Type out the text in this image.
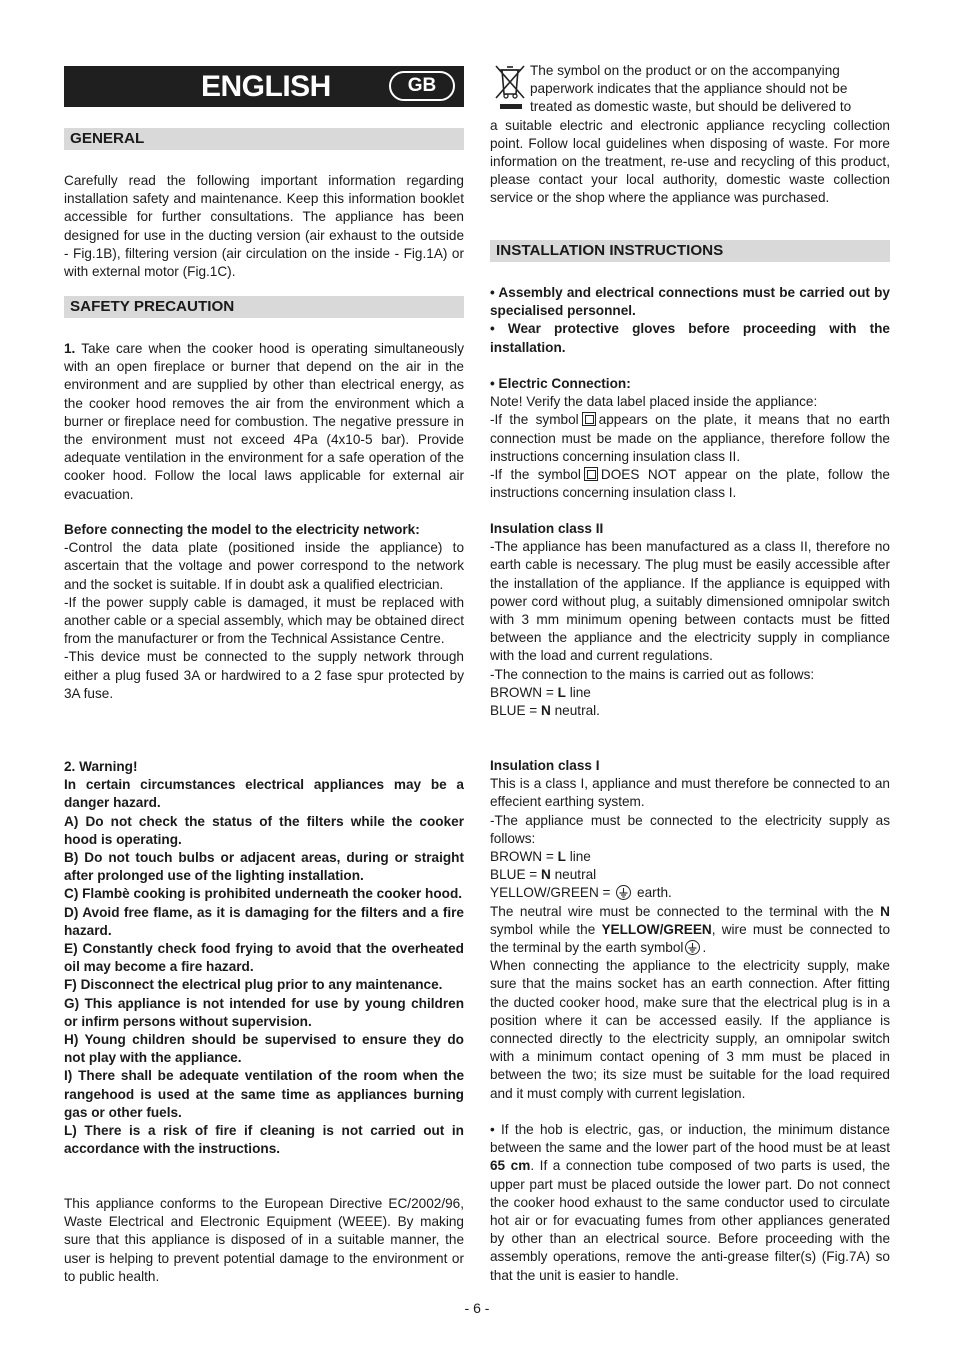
ENGLISH	GB
GENERAL
Carefully read the following important information regarding installation safety and maintenance. Keep this information booklet accessible for further consultations. The appliance has been designed for use in the ducting version (air exhaust to the outside - Fig.1B), filtering version (air circulation on the inside - Fig.1A) or with external motor (Fig.1C).
SAFETY PRECAUTION
1. Take care when the cooker hood is operating simultaneously with an open fireplace or burner that depend on the air in the environment and are supplied by other than electrical energy, as the cooker hood removes the air from the environment which a burner or fireplace need for combustion. The negative pressure in the environment must not exceed 4Pa (4x10-5 bar). Provide adequate ventilation in the environment for a safe operation of the cooker hood. Follow the local laws applicable for external air evacuation.

Before connecting the model to the electricity network:

-Control the data plate (positioned inside the appliance) to ascertain that the voltage and power correspond to the network and the socket is suitable. If in doubt ask a qualified electrician.

-If the power supply cable is damaged, it must be replaced with another cable or a special assembly, which may be obtained direct from the manufacturer or from the Technical Assistance Centre.

-This device must be connected to the supply network through either a plug fused 3A or hardwired to a 2 fase spur protected by 3A fuse.

2. Warning!

In certain circumstances electrical appliances may be a danger hazard.

A) Do not check the status of the filters while the cooker hood is operating.

B) Do not touch bulbs or adjacent areas, during or straight after prolonged use of the lighting installation.

C) Flambè cooking is prohibited underneath the cooker hood.

D) Avoid free flame, as it is damaging for the filters and a fire hazard.

E) Constantly check food frying to avoid that the overheated oil may become a fire hazard.

F) Disconnect the electrical plug prior to any maintenance.

G) This appliance is not intended for use by young children or infirm persons without supervision.

H) Young children should be supervised to ensure they do not play with the appliance.

I) There shall be adequate ventilation of the room when the rangehood is used at the same time as appliances burning gas or other fuels.

L) There is a risk of fire if cleaning is not carried out in accordance with the instructions.

This appliance conforms to the European Directive EC/2002/96, Waste Electrical and Electronic Equipment (WEEE). By making sure that this appliance is disposed of in a suitable manner, the user is helping to prevent potential damage to the environment or to public health.
The symbol on the product or on the accompanying
paperwork indicates that the appliance should not be
treated as domestic waste, but should be delivered to
a suitable electric and electronic appliance recycling collection point. Follow local guidelines when disposing of waste. For more information on the treatment, re-use and recycling of this product, please contact your local authority, domestic waste collection service or the shop where the appliance was purchased.
INSTALLATION INSTRUCTIONS

• Assembly and electrical connections must be carried out by specialised personnel.

• Wear protective gloves before proceeding with the installation.

• Electric Connection:

Note! Verify the data label placed inside the appliance:

-If the symbol appears on the plate, it means that no earth connection must be made on the appliance, therefore follow the instructions concerning insulation class II.

-If the symbol DOES NOT appear on the plate, follow the instructions concerning insulation class I.

Insulation class II

-The appliance has been manufactured as a class II, therefore no earth cable is necessary. The plug must be easily accessible after the installation of the appliance. If the appliance is equipped with power cord without plug, a suitably dimensioned omnipolar switch with 3 mm minimum opening between contacts must be fitted between the appliance and the electricity supply in compliance with the load and current regulations.

-The connection to the mains is carried out as follows:

BROWN = L line

BLUE = N neutral.

Insulation class I

This is a class I, appliance and must therefore be connected to an effecient earthing system.

-The appliance must be connected to the electricity supply as follows:

BROWN = L line

BLUE = N neutral

YELLOW/GREEN =
earth.

The neutral wire must be connected to the terminal with the N symbol while the YELLOW/GREEN, wire must be connected to the terminal by the earth symbol .

When connecting the appliance to the electricity supply, make sure that the mains socket has an earth connection. After fitting the ducted cooker hood, make sure that the electrical plug is in a position where it can be accessed easily. If the appliance is connected directly to the electricity supply, an omnipolar switch with a minimum contact opening of 3 mm must be placed in between the two; its size must be suitable for the load required and it must comply with current legislation.

• If the hob is electric, gas, or induction, the minimum distance between the same and the lower part of the hood must be at least 65 cm. If a connection tube composed of two parts is used, the upper part must be placed outside the lower part. Do not connect the cooker hood exhaust to the same conductor used to circulate hot air or for evacuating fumes from other appliances generated by other than an electrical source. Before proceeding with the assembly operations, remove the anti-grease filter(s) (Fig.7A) so that the unit is easier to handle.
- 6 -
